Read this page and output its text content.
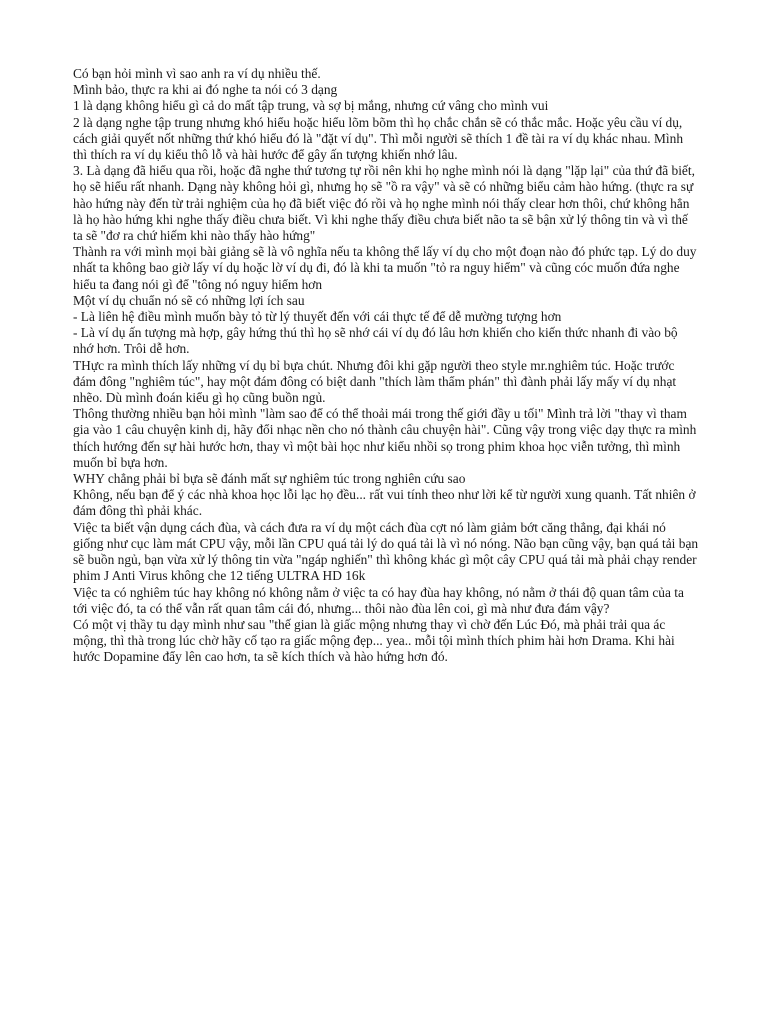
Có bạn hỏi mình vì sao anh ra ví dụ nhiều thế.

Mình bảo, thực ra khi ai đó nghe ta nói có 3 dạng

1 là dạng không hiểu gì cả do mất tập trung, và sợ bị mắng, nhưng cứ vâng cho mình vui

2 là dạng nghe tập trung nhưng khó hiểu hoặc hiểu lõm bõm thì họ chắc chắn sẽ có thắc mắc. Hoặc yêu cầu ví dụ, cách giải quyết nốt những thứ khó hiểu đó là "đặt ví dụ". Thì mỗi người sẽ thích 1 đề tài ra ví dụ khác nhau. Mình thì thích ra ví dụ kiểu thô lỗ và hài hước để gây ấn tượng khiến nhớ lâu.

3. Là dạng đã hiểu qua rồi, hoặc đã nghe thứ tương tự rồi nên khi họ nghe mình nói là dạng "lặp lại" của thứ đã biết, họ sẽ hiểu rất nhanh. Dạng này không hỏi gì, nhưng họ sẽ "ồ ra vậy" và sẽ có những biểu cảm hào hứng. (thực ra sự hào hứng này đến từ trải nghiệm của họ đã biết việc đó rồi và họ nghe mình nói thấy clear hơn thôi, chứ không hẳn là họ hào hứng khi nghe thấy điều chưa biết. Vì khi nghe thấy điều chưa biết não ta sẽ bận xử lý thông tin và vì thế ta sẽ "đơ ra chứ hiếm khi nào thấy hào hứng"

Thành ra với mình mọi bài giảng sẽ là vô nghĩa nếu ta không thể lấy ví dụ cho một đoạn nào đó phức tạp. Lý do duy nhất ta không bao giờ lấy ví dụ hoặc lờ ví dụ đi, đó là khi ta muốn "tỏ ra nguy hiểm" và cũng cóc muốn đứa nghe hiểu ta đang nói gì để "tông nó nguy hiểm hơn

Một ví dụ chuẩn nó sẽ có những lợi ích sau

- Là liên hệ điều mình muốn bày tỏ từ lý thuyết đến với cái thực tế để dễ mường tượng hơn

- Là ví dụ ấn tượng mà hợp, gây hứng thú thì họ sẽ nhớ cái ví dụ đó lâu hơn khiến cho kiến thức nhanh đi vào bộ nhớ hơn. Trôi dễ hơn.

THực ra mình thích lấy những ví dụ bỉ bựa chút. Nhưng đôi khi gặp người theo style mr.nghiêm túc. Hoặc trước đám đông "nghiêm túc", hay một đám đông có biệt danh "thích làm thẩm phán" thì đành phải lấy mấy ví dụ nhạt nhẽo. Dù mình đoán kiểu gì họ cũng buồn ngủ.

Thông thường nhiều bạn hỏi mình "làm sao để có thể thoải mái trong thế giới đầy u tối" Mình trả lời "thay vì tham gia vào 1 câu chuyện kinh dị, hãy đổi nhạc nền cho nó thành câu chuyện hài". Cũng vậy trong việc dạy thực ra mình thích hướng đến sự hài hước hơn, thay vì một bài học như kiểu nhồi sọ trong phim khoa học viễn tưởng, thì mình muốn bỉ bựa hơn.

WHY chẳng phải bỉ bựa sẽ đánh mất sự nghiêm túc trong nghiên cứu sao

Không, nếu bạn để ý các nhà khoa học lỗi lạc họ đều... rất vui tính theo như lời kể từ người xung quanh. Tất nhiên ở đám đông thì phải khác.

Việc ta biết vận dụng cách đùa, và cách đưa ra ví dụ một cách đùa cợt nó làm giảm bớt căng thẳng, đại khái nó giống như cục làm mát CPU vậy, mỗi lần CPU quá tải lý do quá tải là vì nó nóng. Não bạn cũng vậy, bạn quá tải bạn sẽ buồn ngủ, bạn vừa xử lý thông tin vừa "ngáp nghiến" thì không khác gì một cây CPU quá tải mà phải chạy render phim J Anti Virus không che 12 tiếng ULTRA HD 16k

Việc ta có nghiêm túc hay không nó không nằm ở việc ta có hay đùa hay không, nó nằm ở thái độ quan tâm của ta tới việc đó, ta có thể vẫn rất quan tâm cái đó, nhưng... thôi nào đùa lên coi, gì mà như đưa đám vậy?

Có một vị thầy tu dạy mình như sau "thế gian là giấc mộng nhưng thay vì chờ đến Lúc Đó, mà phải trải qua ác mộng, thì thà trong lúc chờ hãy cố tạo ra giấc mộng đẹp... yea.. mỗi tội mình thích phim hài hơn Drama. Khi hài hước Dopamine đẩy lên cao hơn, ta sẽ kích thích và hào hứng hơn đó.
